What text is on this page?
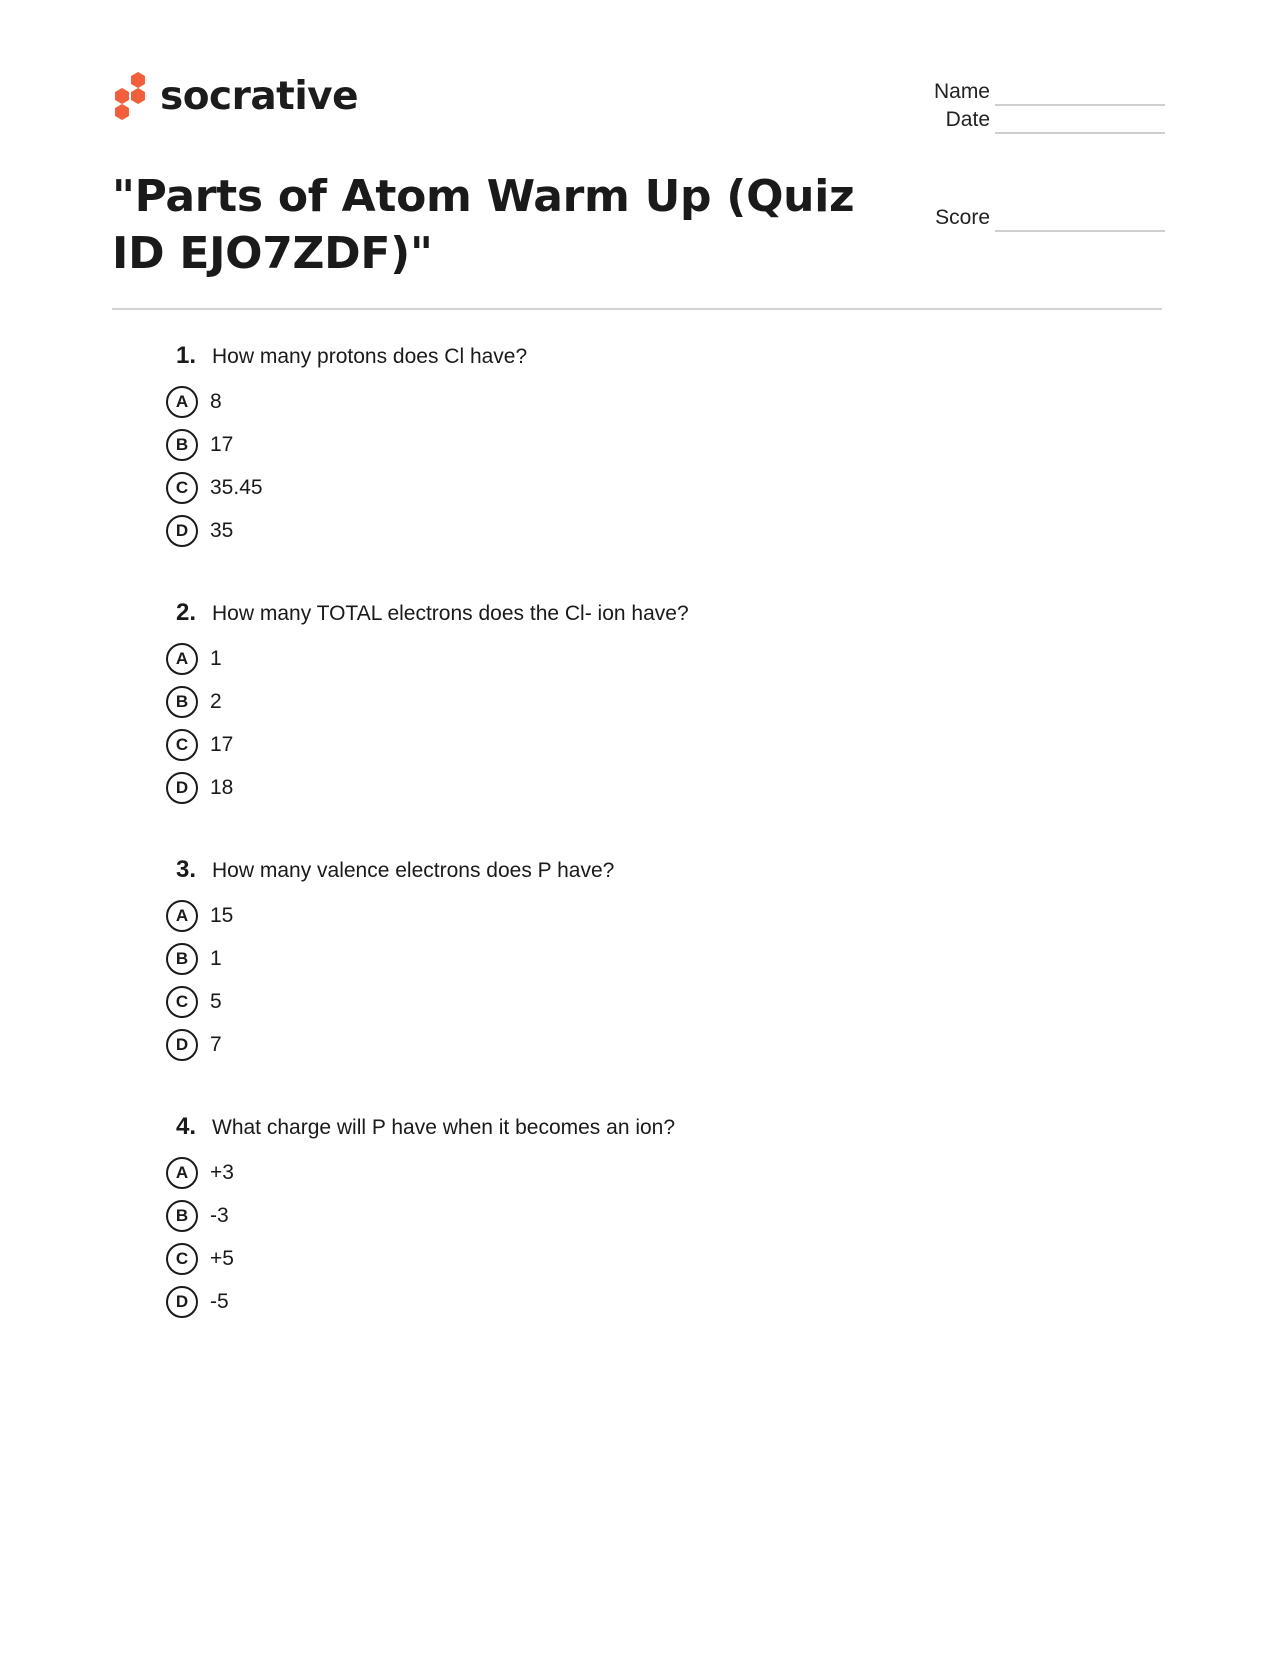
socrative	Name
Date
Score
"Parts of Atom Warm Up (Quiz ID EJO7ZDF)"
1. How many protons does Cl have?
A	8
B	17
C	35.45
D	35
2. How many TOTAL electrons does the Cl- ion have?
A	1
B	2
C	17
D	18
3. How many valence electrons does P have?
A	15
B	1
C	5
D	7
4. What charge will P have when it becomes an ion?
A	+3
B	-3
C	+5
D	-5
